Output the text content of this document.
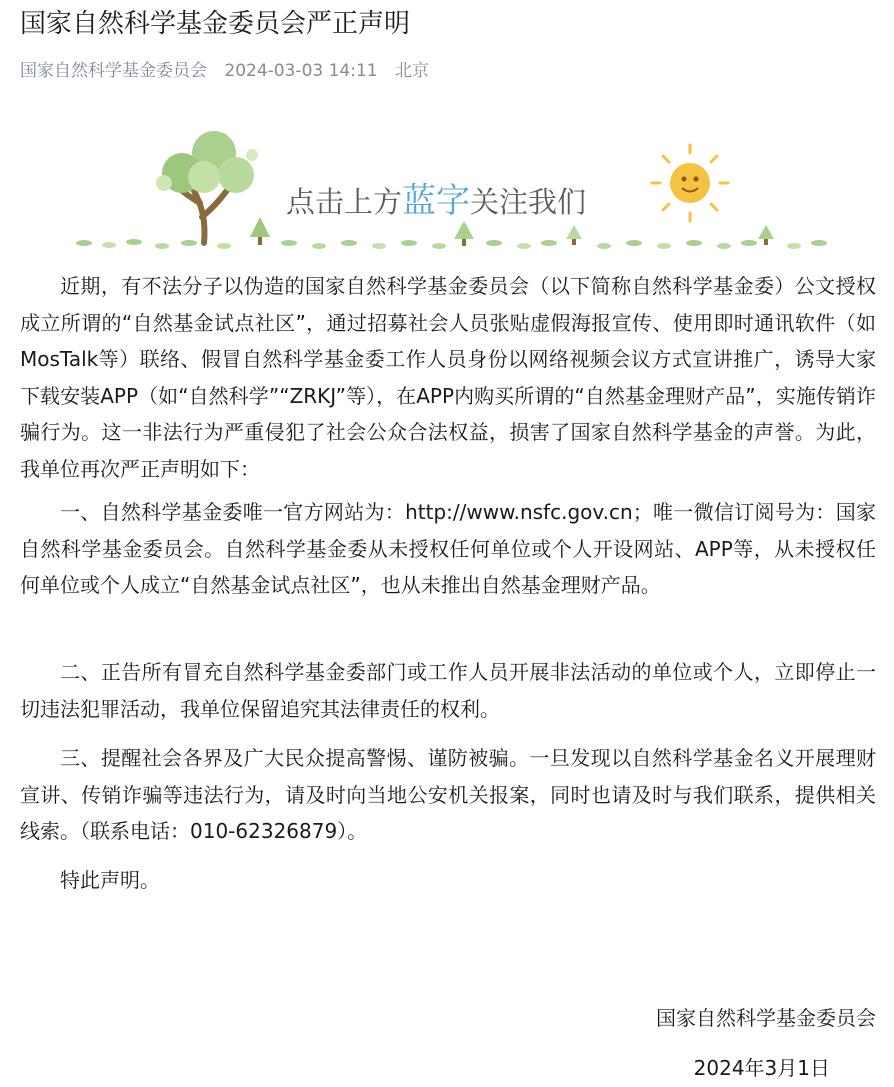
国家自然科学基金委员会严正声明
国家自然科学基金委员会 2024-03-03 14:11 北京
点击上方蓝字关注我们

近期，有不法分子以伪造的国家自然科学基金委员会（以下简称自然科学基金委）公文授权成立所谓的“自然基金试点社区”，通过招募社会人员张贴虚假海报宣传、使用即时通讯软件（如MosTalk等）联络、假冒自然科学基金委工作人员身份以网络视频会议方式宣讲推广，诱导大家下载安装APP（如“自然科学”“ZRKJ”等），在APP内购买所谓的“自然基金理财产品”，实施传销诈骗行为。这一非法行为严重侵犯了社会公众合法权益，损害了国家自然科学基金的声誉。为此，我单位再次严正声明如下：

一、自然科学基金委唯一官方网站为：http://www.nsfc.gov.cn；唯一微信订阅号为：国家自然科学基金委员会。自然科学基金委从未授权任何单位或个人开设网站、APP等，从未授权任何单位或个人成立“自然基金试点社区”，也从未推出自然基金理财产品。

二、正告所有冒充自然科学基金委部门或工作人员开展非法活动的单位或个人，立即停止一切违法犯罪活动，我单位保留追究其法律责任的权利。

三、提醒社会各界及广大民众提高警惕、谨防被骗。一旦发现以自然科学基金名义开展理财宣讲、传销诈骗等违法行为，请及时向当地公安机关报案，同时也请及时与我们联系，提供相关线索。（联系电话：010-62326879）。

特此声明。

国家自然科学基金委员会
2024年3月1日
